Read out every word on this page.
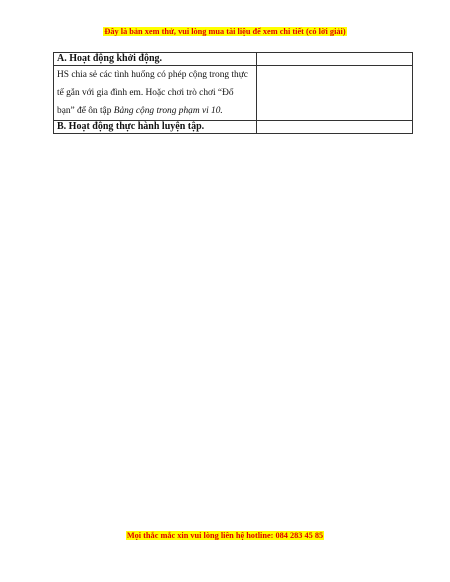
Đây là bản xem thử, vui lòng mua tài liệu để xem chi tiết (có lời giải)
A. Hoạt động khởi động.	
HS chia sẻ các tình huống có phép cộng trong thực tế gắn với gia đình em. Hoặc chơi trò chơi “Đố bạn” để ôn tập Bảng cộng trong phạm vi 10.	
B. Hoạt động thực hành luyện tập.	
Mọi thắc mắc xin vui lòng liên hệ hotline: 084 283 45 85
